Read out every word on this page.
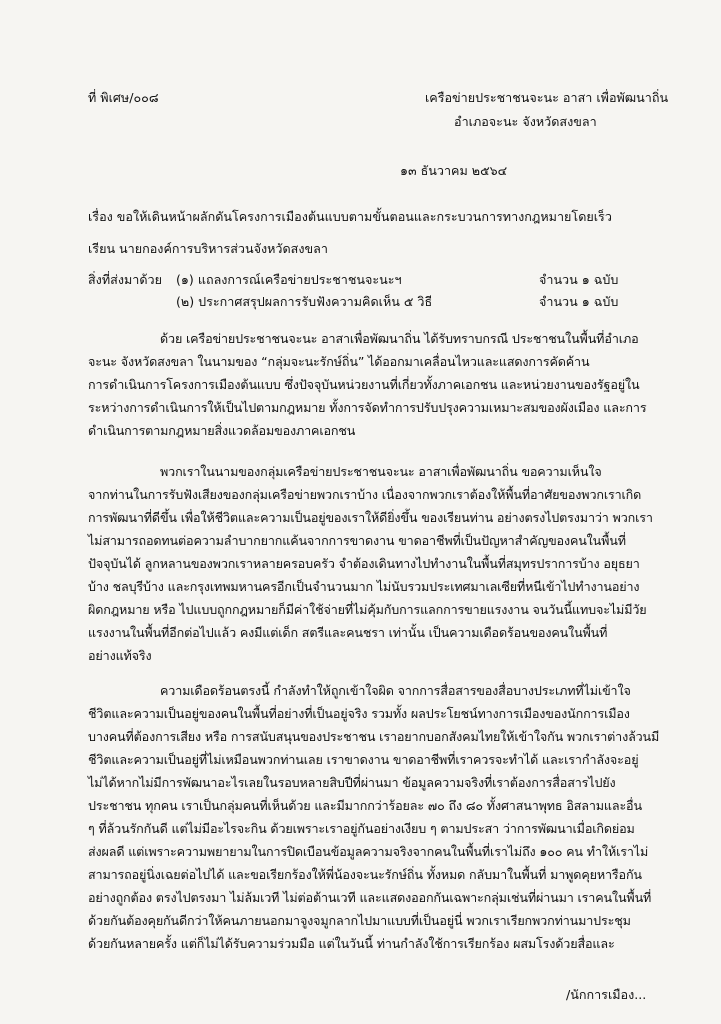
ที่ พิเศษ/๐๐๘	เครือข่ายประชาชนจะนะ อาสา เพื่อพัฒนาถิ่น
อำเภอจะนะ จังหวัดสงขลา
๑๓ ธันวาคม ๒๕๖๔
เรื่อง ขอให้เดินหน้าผลักดันโครงการเมืองต้นแบบตามขั้นตอนและกระบวนการทางกฎหมายโดยเร็ว
เรียน นายกองค์การบริหารส่วนจังหวัดสงขลา
สิ่งที่ส่งมาด้วย (๑) แถลงการณ์เครือข่ายประชาชนจะนะฯ	จำนวน ๑ ฉบับ
(๒) ประกาศสรุปผลการรับฟังความคิดเห็น ๕ วิธี	จำนวน ๑ ฉบับ
ด้วย เครือข่ายประชาชนจะนะ อาสาเพื่อพัฒนาถิ่น ได้รับทราบกรณี ประชาชนในพื้นที่อำเภอ
จะนะ จังหวัดสงขลา ในนามของ “กลุ่มจะนะรักษ์ถิ่น” ได้ออกมาเคลื่อนไหวและแสดงการคัดค้าน
การดำเนินการโครงการเมืองต้นแบบ ซึ่งปัจจุบันหน่วยงานที่เกี่ยวทั้งภาคเอกชน และหน่วยงานของรัฐอยู่ใน
ระหว่างการดำเนินการให้เป็นไปตามกฎหมาย ทั้งการจัดทำการปรับปรุงความเหมาะสมของผังเมือง และการ
ดำเนินการตามกฎหมายสิ่งแวดล้อมของภาคเอกชน
พวกเราในนามของกลุ่มเครือข่ายประชาชนจะนะ อาสาเพื่อพัฒนาถิ่น ขอความเห็นใจ
จากท่านในการรับฟังเสียงของกลุ่มเครือข่ายพวกเราบ้าง เนื่องจากพวกเราต้องให้พื้นที่อาศัยของพวกเราเกิด
การพัฒนาที่ดีขึ้น เพื่อให้ชีวิตและความเป็นอยู่ของเราให้ดียิ่งขึ้น ของเรียนท่าน อย่างตรงไปตรงมาว่า พวกเรา
ไม่สามารถอดทนต่อความลำบากยากแค้นจากการขาดงาน ขาดอาชีพที่เป็นปัญหาสำคัญของคนในพื้นที่
ปัจจุบันได้ ลูกหลานของพวกเราหลายครอบครัว จำต้องเดินทางไปทำงานในพื้นที่สมุทรปราการบ้าง อยุธยา
บ้าง ชลบุรีบ้าง และกรุงเทพมหานครอีกเป็นจำนวนมาก ไม่นับรวมประเทศมาเลเซียที่หนีเข้าไปทำงานอย่าง
ผิดกฎหมาย หรือ ไปแบบถูกกฎหมายก็มีค่าใช้จ่ายที่ไม่คุ้มกับการแลกการขายแรงงาน จนวันนี้แทบจะไม่มีวัย
แรงงานในพื้นที่อีกต่อไปแล้ว คงมีแต่เด็ก สตรีและคนชรา เท่านั้น เป็นความเดือดร้อนของคนในพื้นที่
อย่างแท้จริง
ความเดือดร้อนตรงนี้ กำลังทำให้ถูกเข้าใจผิด จากการสื่อสารของสื่อบางประเภทที่ไม่เข้าใจ
ชีวิตและความเป็นอยู่ของคนในพื้นที่อย่างที่เป็นอยู่จริง รวมทั้ง ผลประโยชน์ทางการเมืองของนักการเมือง
บางคนที่ต้องการเสียง หรือ การสนับสนุนของประชาชน เราอยากบอกสังคมไทยให้เข้าใจกัน พวกเราต่างล้วนมี
ชีวิตและความเป็นอยู่ที่ไม่เหมือนพวกท่านเลย เราขาดงาน ขาดอาชีพที่เราควรจะทำได้ และเรากำลังจะอยู่
ไม่ได้หากไม่มีการพัฒนาอะไรเลยในรอบหลายสิบปีที่ผ่านมา ข้อมูลความจริงที่เราต้องการสื่อสารไปยัง
ประชาชน ทุกคน เราเป็นกลุ่มคนที่เห็นด้วย และมีมากกว่าร้อยละ ๗๐ ถึง ๘๐ ทั้งศาสนาพุทธ อิสลามและอื่น
ๆ ที่ล้วนรักกันดี แต่ไม่มีอะไรจะกิน ด้วยเพราะเราอยู่กันอย่างเงียบ ๆ ตามประสา ว่าการพัฒนาเมื่อเกิดย่อม
ส่งผลดี แต่เพราะความพยายามในการปิดเบือนข้อมูลความจริงจากคนในพื้นที่เราไม่ถึง ๑๐๐ คน ทำให้เราไม่
สามารถอยู่นิ่งเฉยต่อไปได้ และขอเรียกร้องให้พี่น้องจะนะรักษ์ถิ่น ทั้งหมด กลับมาในพื้นที่ มาพูดคุยหารือกัน
อย่างถูกต้อง ตรงไปตรงมา ไม่ล้มเวที ไม่ต่อต้านเวที และแสดงออกกันเฉพาะกลุ่มเช่นที่ผ่านมา เราคนในพื้นที่
ด้วยกันต้องคุยกันดีกว่าให้คนภายนอกมาจูงจมูกลากไปมาแบบที่เป็นอยู่นี่ พวกเราเรียกพวกท่านมาประชุม
ด้วยกันหลายครั้ง แต่ก็ไม่ได้รับความร่วมมือ แต่ในวันนี้ ท่านกำลังใช้การเรียกร้อง ผสมโรงด้วยสื่อและ
/นักการเมือง...
